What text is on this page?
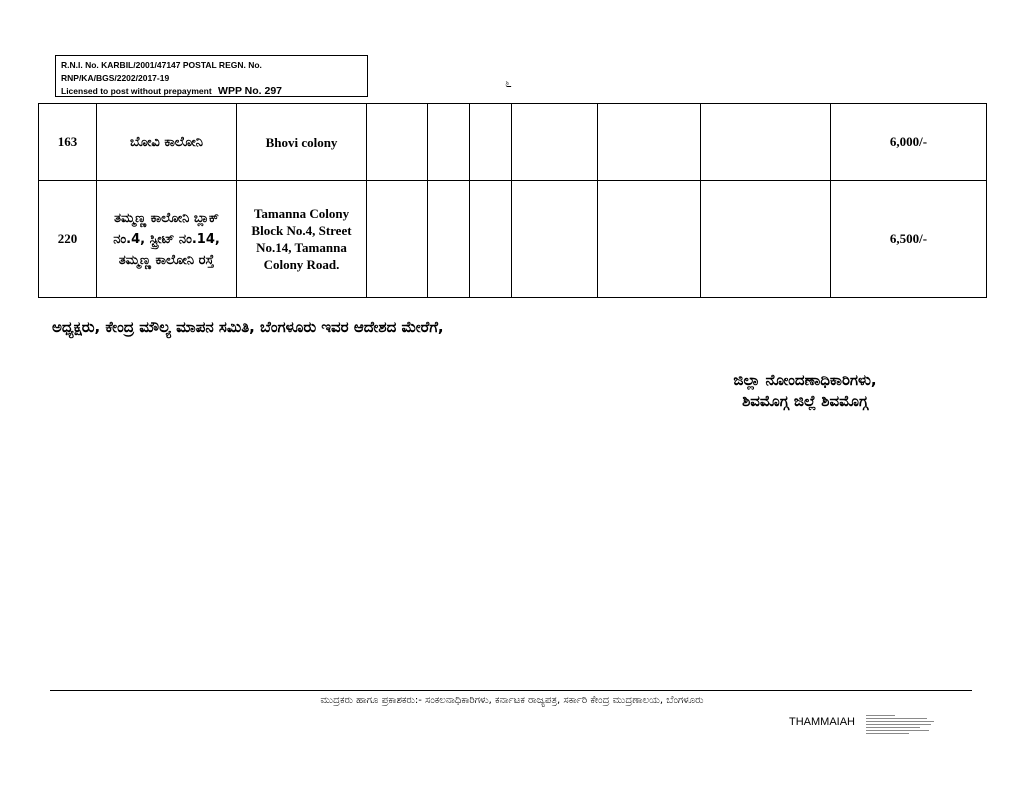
R.N.I. No. KARBIL/2001/47147 POSTAL REGN. No. RNP/KA/BGS/2202/2017-19
Licensed to post without prepayment WPP No. 297
೬
163	ಬೋವಿ ಕಾಲೋನಿ	Bhovi colony							6,000/-
220	ತಮ್ಮಣ್ಣ ಕಾಲೋನಿ ಬ್ಲಾಕ್ ನಂ.4, ಸ್ಟ್ರೀಟ್ ನಂ.14, ತಮ್ಮಣ್ಣ ಕಾಲೋನಿ ರಸ್ತೆ	Tamanna Colony Block No.4, Street No.14, Tamanna Colony Road.							6,500/-
ಅಧ್ಯಕ್ಷರು, ಕೇಂದ್ರ ಮೌಲ್ಯ ಮಾಪನ ಸಮಿತಿ, ಬೆಂಗಳೂರು ಇವರ ಆದೇಶದ ಮೇರೆಗೆ,
ಜಿಲ್ಲಾ ನೋಂದಣಾಧಿಕಾರಿಗಳು,
ಶಿವಮೊಗ್ಗ ಜಿಲ್ಲೆ ಶಿವಮೊಗ್ಗ
ಮುದ್ರಕರು ಹಾಗೂ ಪ್ರಕಾಶಕರು:- ಸಂಕಲನಾಧಿಕಾರಿಗಳು, ಕರ್ನಾಟಕ ರಾಜ್ಯಪತ್ರ, ಸರ್ಕಾರಿ ಕೇಂದ್ರ ಮುದ್ರಣಾಲಯ, ಬೆಂಗಳೂರು
THAMMAIAH
